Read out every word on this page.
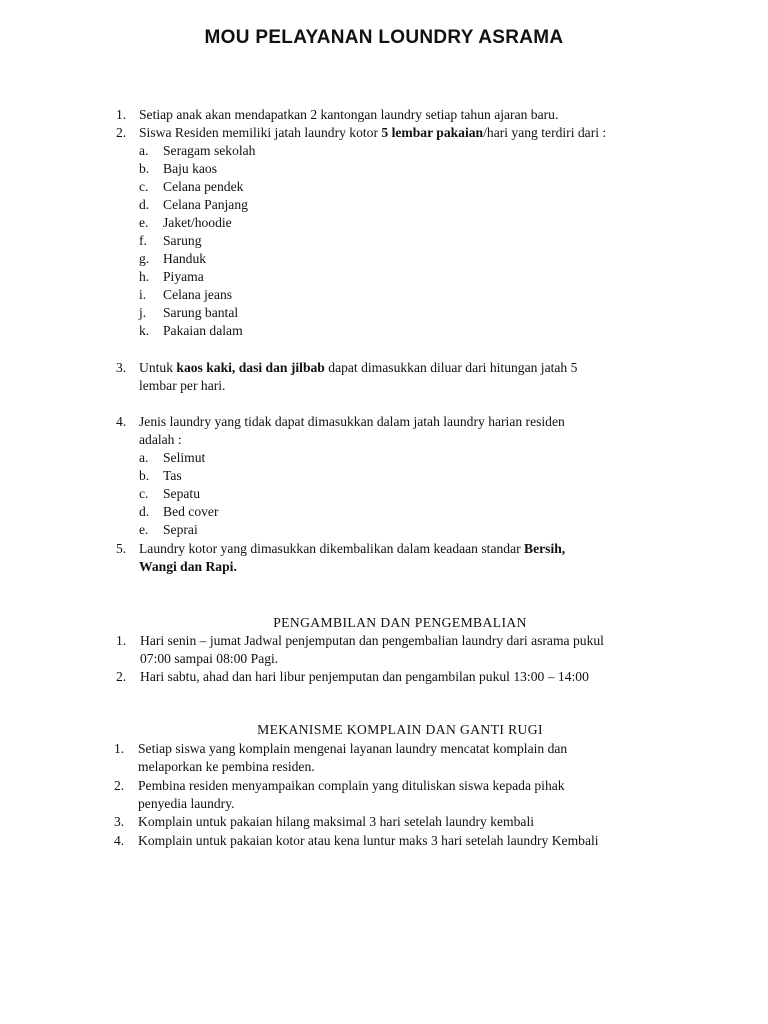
MOU PELAYANAN LOUNDRY ASRAMA
1. Setiap anak akan mendapatkan 2 kantongan laundry setiap tahun ajaran baru.
2. Siswa Residen memiliki jatah laundry kotor 5 lembar pakaian/hari yang terdiri dari :
a. Seragam sekolah
b. Baju kaos
c. Celana pendek
d. Celana Panjang
e. Jaket/hoodie
f. Sarung
g. Handuk
h. Piyama
i. Celana jeans
j. Sarung bantal
k. Pakaian dalam
3. Untuk kaos kaki, dasi dan jilbab dapat dimasukkan diluar dari hitungan jatah 5
lembar per hari.
4. Jenis laundry yang tidak dapat dimasukkan dalam jatah laundry harian residen
adalah :
a. Selimut
b. Tas
c. Sepatu
d. Bed cover
e. Seprai
5. Laundry kotor yang dimasukkan dikembalikan dalam keadaan standar Bersih,
Wangi dan Rapi.
PENGAMBILAN DAN PENGEMBALIAN
1. Hari senin – jumat Jadwal penjemputan dan pengembalian laundry dari asrama pukul
07:00 sampai 08:00 Pagi.
2. Hari sabtu, ahad dan hari libur penjemputan dan pengambilan pukul 13:00 – 14:00
MEKANISME KOMPLAIN DAN GANTI RUGI
1. Setiap siswa yang komplain mengenai layanan laundry mencatat komplain dan
melaporkan ke pembina residen.
2. Pembina residen menyampaikan complain yang dituliskan siswa kepada pihak
penyedia laundry.
3. Komplain untuk pakaian hilang maksimal 3 hari setelah laundry kembali
4. Komplain untuk pakaian kotor atau kena luntur maks 3 hari setelah laundry Kembali
